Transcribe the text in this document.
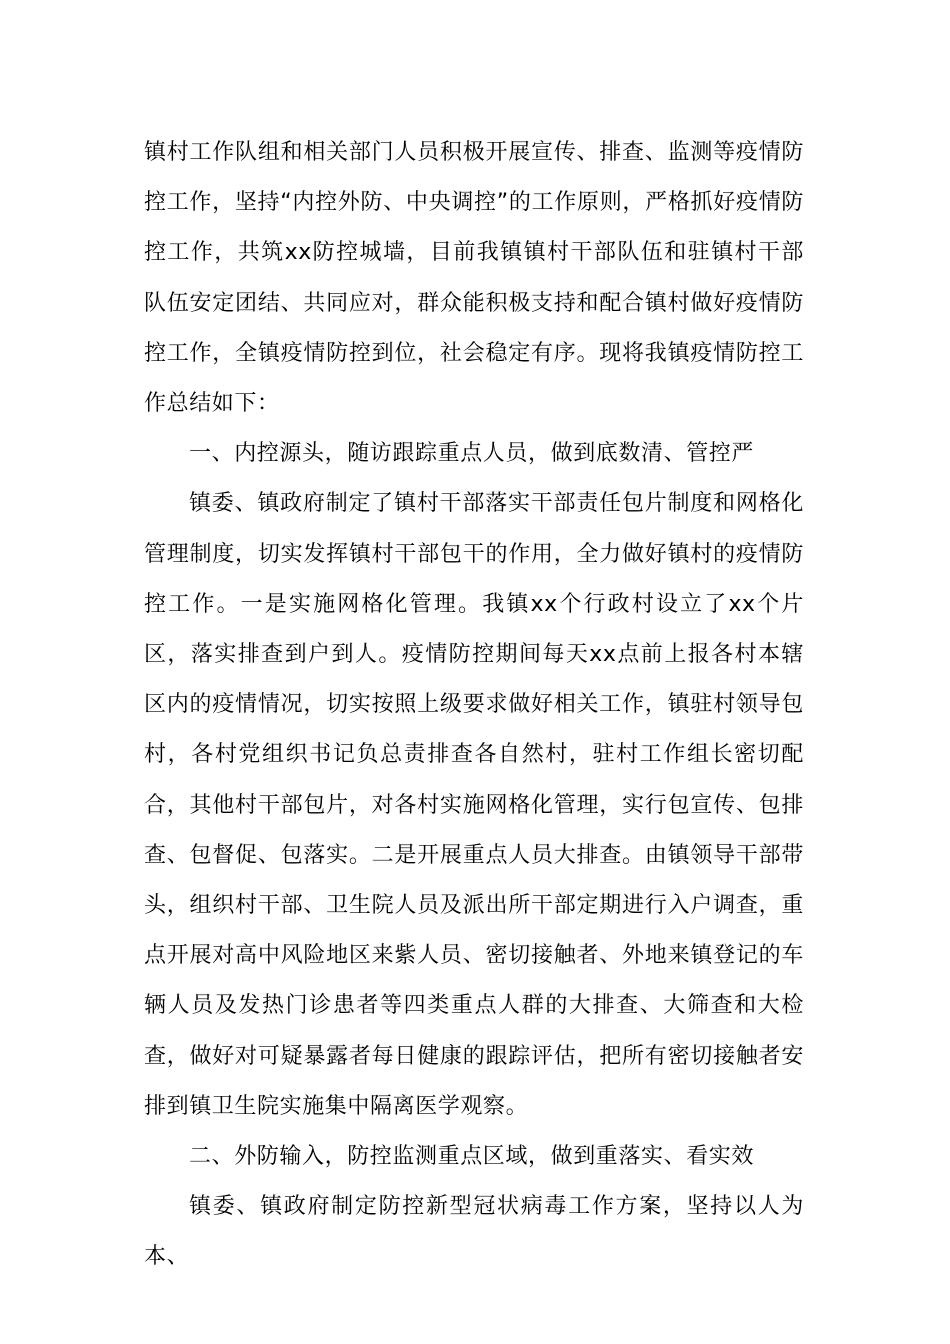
镇村工作队组和相关部门人员积极开展宣传、排查、监测等疫情防控工作，坚持“内控外防、中央调控”的工作原则，严格抓好疫情防控工作，共筑xx防控城墙，目前我镇镇村干部队伍和驻镇村干部队伍安定团结、共同应对，群众能积极支持和配合镇村做好疫情防控工作，全镇疫情防控到位，社会稳定有序。现将我镇疫情防控工作总结如下：

一、内控源头，随访跟踪重点人员，做到底数清、管控严

镇委、镇政府制定了镇村干部落实干部责任包片制度和网格化管理制度，切实发挥镇村干部包干的作用，全力做好镇村的疫情防控工作。一是实施网格化管理。我镇xx个行政村设立了xx个片区，落实排查到户到人。疫情防控期间每天xx点前上报各村本辖区内的疫情情况，切实按照上级要求做好相关工作，镇驻村领导包村，各村党组织书记负总责排查各自然村，驻村工作组长密切配合，其他村干部包片，对各村实施网格化管理，实行包宣传、包排查、包督促、包落实。二是开展重点人员大排查。由镇领导干部带头，组织村干部、卫生院人员及派出所干部定期进行入户调查，重点开展对高中风险地区来紫人员、密切接触者、外地来镇登记的车辆人员及发热门诊患者等四类重点人群的大排查、大筛查和大检查，做好对可疑暴露者每日健康的跟踪评估，把所有密切接触者安排到镇卫生院实施集中隔离医学观察。

二、外防输入，防控监测重点区域，做到重落实、看实效

镇委、镇政府制定防控新型冠状病毒工作方案，坚持以人为本、
